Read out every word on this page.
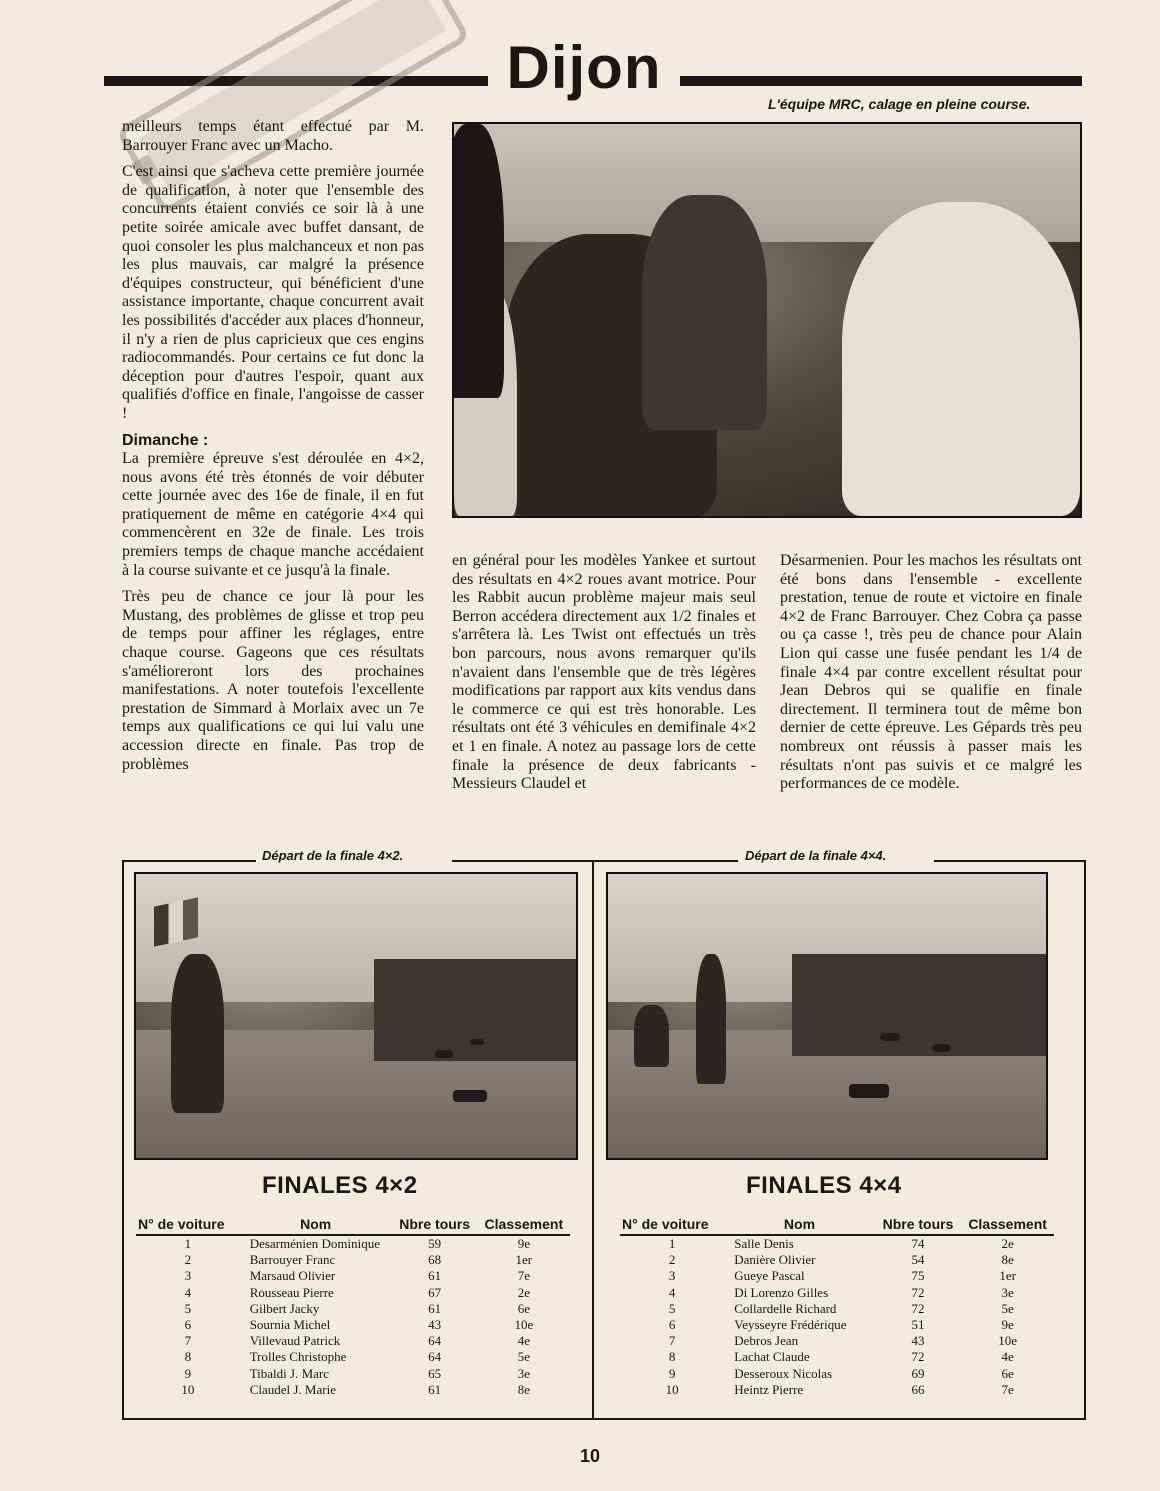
Dijon
L'équipe MRC, calage en pleine course.

meilleurs temps étant effectué par M. Barrouyer Franc avec un Macho.

C'est ainsi que s'acheva cette première journée de qualification, à noter que l'ensemble des concurrents étaient conviés ce soir là à une petite soirée amicale avec buffet dansant, de quoi consoler les plus malchanceux et non pas les plus mauvais, car malgré la présence d'équipes constructeur, qui bénéficient d'une assistance importante, chaque concurrent avait les possibilités d'accéder aux places d'honneur, il n'y a rien de plus capricieux que ces engins radiocommandés. Pour certains ce fut donc la déception pour d'autres l'espoir, quant aux qualifiés d'office en finale, l'angoisse de casser !

Dimanche :

La première épreuve s'est déroulée en 4×2, nous avons été très étonnés de voir débuter cette journée avec des 16e de finale, il en fut pratiquement de même en catégorie 4×4 qui commencèrent en 32e de finale. Les trois premiers temps de chaque manche accédaient à la course suivante et ce jusqu'à la finale.

Très peu de chance ce jour là pour les Mustang, des problèmes de glisse et trop peu de temps pour affiner les réglages, entre chaque course. Gageons que ces résultats s'amélioreront lors des prochaines manifestations. A noter toutefois l'excellente prestation de Simmard à Morlaix avec un 7e temps aux qualifications ce qui lui valu une accession directe en finale. Pas trop de problèmes

en général pour les modèles Yankee et surtout des résultats en 4×2 roues avant motrice. Pour les Rabbit aucun problème majeur mais seul Berron accédera directement aux 1/2 finales et s'arrêtera là. Les Twist ont effectués un très bon parcours, nous avons remarquer qu'ils n'avaient dans l'ensemble que de très légères modifications par rapport aux kits vendus dans le commerce ce qui est très honorable. Les résultats ont été 3 véhicules en demifinale 4×2 et 1 en finale. A notez au passage lors de cette finale la présence de deux fabricants - Messieurs Claudel et

Désarmenien. Pour les machos les résultats ont été bons dans l'ensemble - excellente prestation, tenue de route et victoire en finale 4×2 de Franc Barrouyer. Chez Cobra ça passe ou ça casse !, très peu de chance pour Alain Lion qui casse une fusée pendant les 1/4 de finale 4×4 par contre excellent résultat pour Jean Debros qui se qualifie en finale directement. Il terminera tout de même bon dernier de cette épreuve. Les Gépards très peu nombreux ont réussis à passer mais les résultats n'ont pas suivis et ce malgré les performances de ce modèle.

Départ de la finale 4×2.	Départ de la finale 4×4.
FINALES 4×2
N° de voiture	Nom	Nbre tours	Classement
1	Desarménien Dominique	59	9e
2	Barrouyer Franc	68	1er
3	Marsaud Olivier	61	7e
4	Rousseau Pierre	67	2e
5	Gilbert Jacky	61	6e
6	Sournia Michel	43	10e
7	Villevaud Patrick	64	4e
8	Trolles Christophe	64	5e
9	Tibaldi J. Marc	65	3e
10	Claudel J. Marie	61	8e
FINALES 4×4
N° de voiture	Nom	Nbre tours	Classement
1	Salle Denis	74	2e
2	Danière Olivier	54	8e
3	Gueye Pascal	75	1er
4	Di Lorenzo Gilles	72	3e
5	Collardelle Richard	72	5e
6	Veysseyre Frédérique	51	9e
7	Debros Jean	43	10e
8	Lachat Claude	72	4e
9	Desseroux Nicolas	69	6e
10	Heintz Pierre	66	7e
10
